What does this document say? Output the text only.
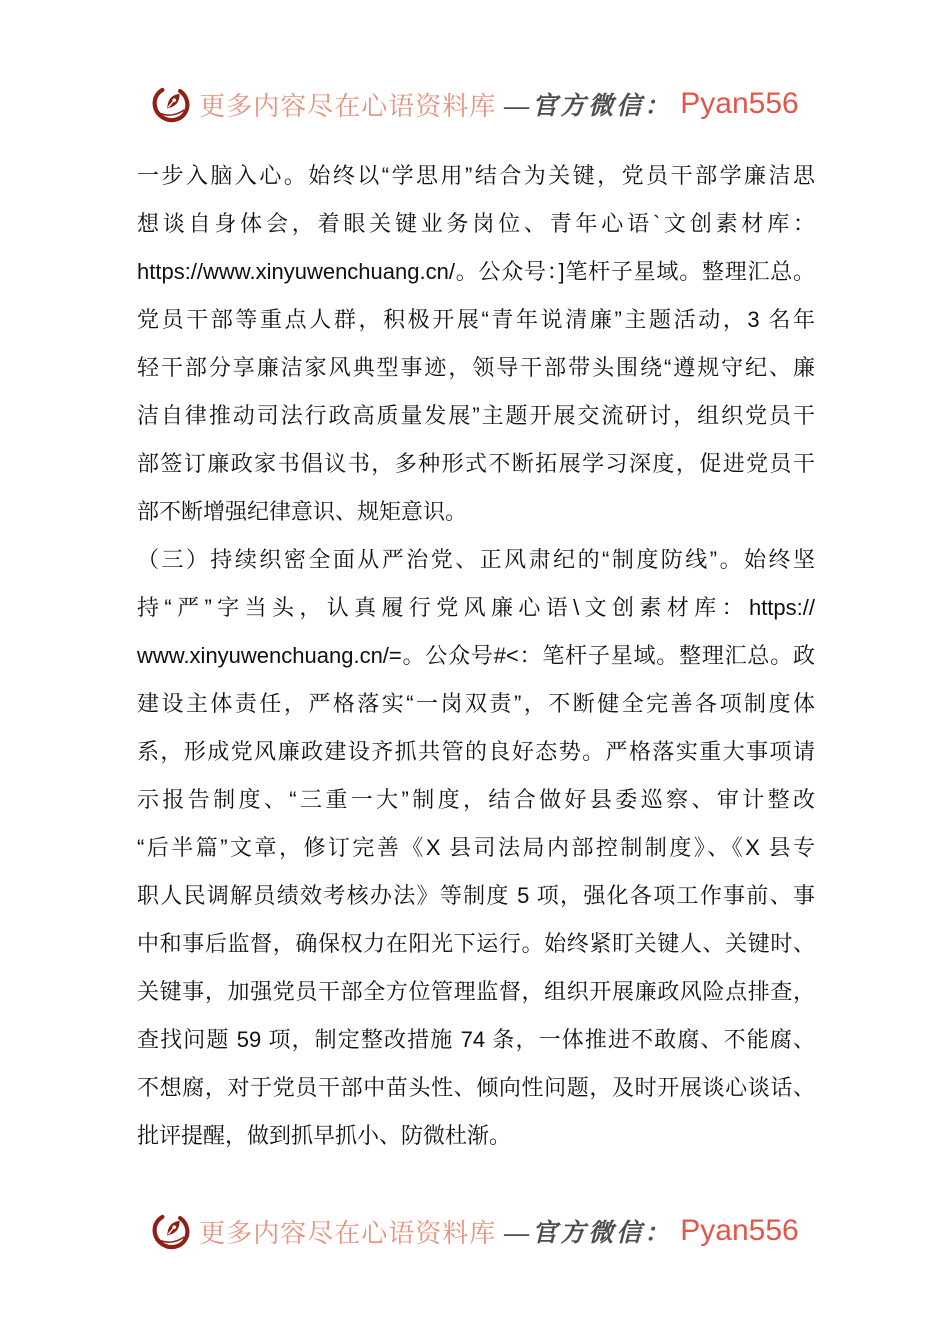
更多内容尽在心语资料库 —官方微信： Pyan556
一步入脑入心。始终以“学思用”结合为关键，党员干部学廉洁思
想谈自身体会，着眼关键业务岗位、青年心语`文创素材库：
https://www.xinyuwenchuang.cn/。公众号：]笔杆子星域。整理汇总。
党员干部等重点人群，积极开展“青年说清廉”主题活动，3 名年
轻干部分享廉洁家风典型事迹，领导干部带头围绕“遵规守纪、廉
洁自律推动司法行政高质量发展”主题开展交流研讨，组织党员干
部签订廉政家书倡议书，多种形式不断拓展学习深度，促进党员干
部不断增强纪律意识、规矩意识。
（三）持续织密全面从严治党、正风肃纪的“制度防线”。始终坚
持“严”字当头，认真履行党风廉心语\文创素材库：https://
www.xinyuwenchuang.cn/=。公众号#<：笔杆子星域。整理汇总。政
建设主体责任，严格落实“一岗双责”，不断健全完善各项制度体
系，形成党风廉政建设齐抓共管的良好态势。严格落实重大事项请
示报告制度、“三重一大”制度，结合做好县委巡察、审计整改
“后半篇”文章，修订完善《X 县司法局内部控制制度》、《X 县专
职人民调解员绩效考核办法》等制度 5 项，强化各项工作事前、事
中和事后监督，确保权力在阳光下运行。始终紧盯关键人、关键时、
关键事，加强党员干部全方位管理监督，组织开展廉政风险点排查，
查找问题 59 项，制定整改措施 74 条，一体推进不敢腐、不能腐、
不想腐，对于党员干部中苗头性、倾向性问题，及时开展谈心谈话、
批评提醒，做到抓早抓小、防微杜渐。
更多内容尽在心语资料库 —官方微信： Pyan556
